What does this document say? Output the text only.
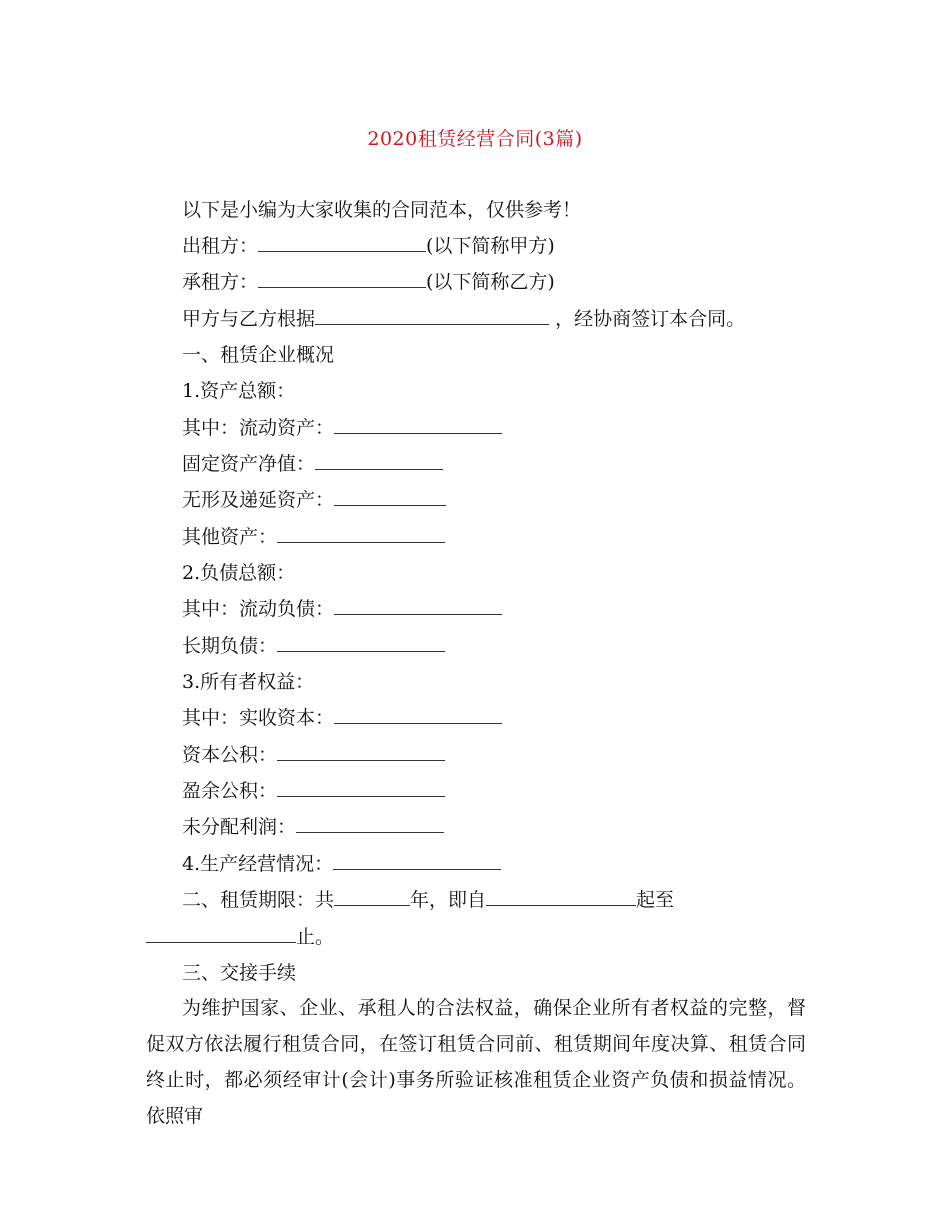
2020租赁经营合同(3篇)
以下是小编为大家收集的合同范本，仅供参考！
出租方：	(以下简称甲方)
承租方：	(以下简称乙方)
甲方与乙方根据	，经协商签订本合同。
一、租赁企业概况
1.资产总额：
其中：流动资产：
固定资产净值：
无形及递延资产：
其他资产：
2.负债总额：
其中：流动负债：
长期负债：
3.所有者权益：
其中：实收资本：
资本公积：
盈余公积：
未分配利润：
4.生产经营情况：
二、租赁期限：共	年，即自	起至
止。
三、交接手续
为维护国家、企业、承租人的合法权益，确保企业所有者权益的完整，督促双方依法履行租赁合同，在签订租赁合同前、租赁期间年度决算、租赁合同终止时，都必须经审计(会计)事务所验证核准租赁企业资产负债和损益情况。依照审
